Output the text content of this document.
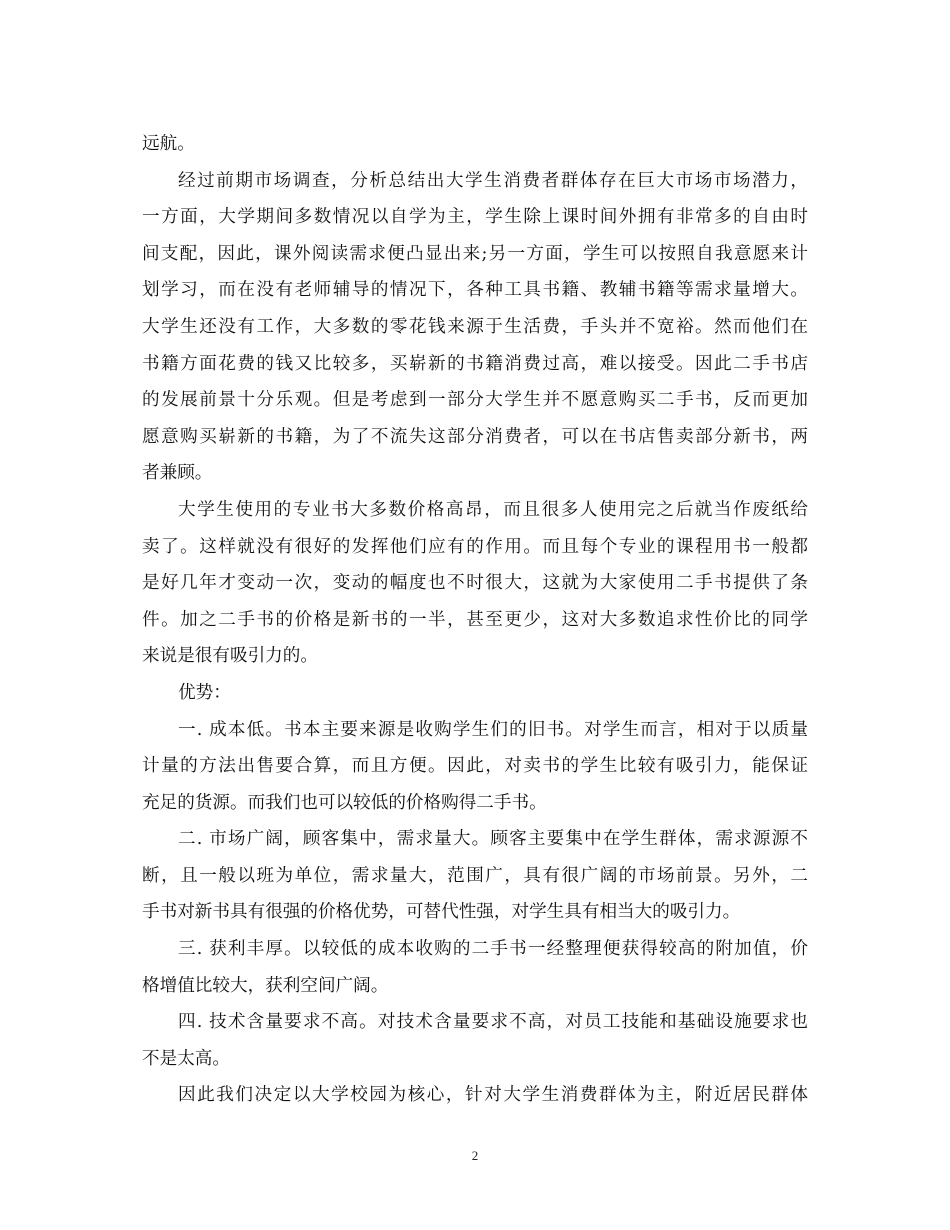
远航。
经过前期市场调查，分析总结出大学生消费者群体存在巨大市场市场潜力，
一方面，大学期间多数情况以自学为主，学生除上课时间外拥有非常多的自由时
间支配，因此，课外阅读需求便凸显出来;另一方面，学生可以按照自我意愿来计
划学习，而在没有老师辅导的情况下，各种工具书籍、教辅书籍等需求量增大。
大学生还没有工作，大多数的零花钱来源于生活费，手头并不宽裕。然而他们在
书籍方面花费的钱又比较多，买崭新的书籍消费过高，难以接受。因此二手书店
的发展前景十分乐观。但是考虑到一部分大学生并不愿意购买二手书，反而更加
愿意购买崭新的书籍，为了不流失这部分消费者，可以在书店售卖部分新书，两
者兼顾。
大学生使用的专业书大多数价格高昂，而且很多人使用完之后就当作废纸给
卖了。这样就没有很好的发挥他们应有的作用。而且每个专业的课程用书一般都
是好几年才变动一次，变动的幅度也不时很大，这就为大家使用二手书提供了条
件。加之二手书的价格是新书的一半，甚至更少，这对大多数追求性价比的同学
来说是很有吸引力的。
优势：
一. 成本低。书本主要来源是收购学生们的旧书。对学生而言，相对于以质量
计量的方法出售要合算，而且方便。因此，对卖书的学生比较有吸引力，能保证
充足的货源。而我们也可以较低的价格购得二手书。
二. 市场广阔，顾客集中，需求量大。顾客主要集中在学生群体，需求源源不
断，且一般以班为单位，需求量大，范围广，具有很广阔的市场前景。另外，二
手书对新书具有很强的价格优势，可替代性强，对学生具有相当大的吸引力。
三. 获利丰厚。以较低的成本收购的二手书一经整理便获得较高的附加值，价
格增值比较大，获利空间广阔。
四. 技术含量要求不高。对技术含量要求不高，对员工技能和基础设施要求也
不是太高。
因此我们决定以大学校园为核心，针对大学生消费群体为主，附近居民群体
2
